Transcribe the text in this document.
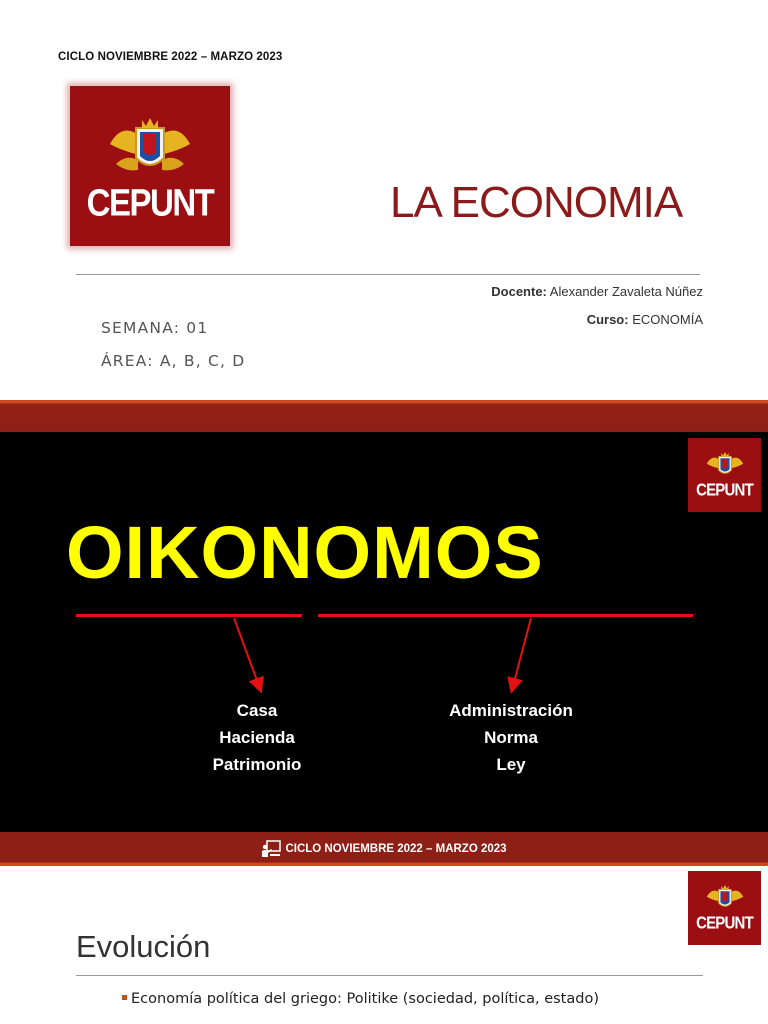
CICLO NOVIEMBRE 2022 – MARZO 2023
CEPUNT	LA ECONOMIA
Docente: Alexander Zavaleta Núñez
Curso: ECONOMÍA
SEMANA: 01
ÁREA: A, B, C, D
CEPUNT
OIKONOMOS
Casa
Hacienda
Patrimonio
Administración
Norma
Ley
CICLO NOVIEMBRE 2022 – MARZO 2023
CEPUNT
Evolución
Economía política del griego: Politike (sociedad, política, estado)
